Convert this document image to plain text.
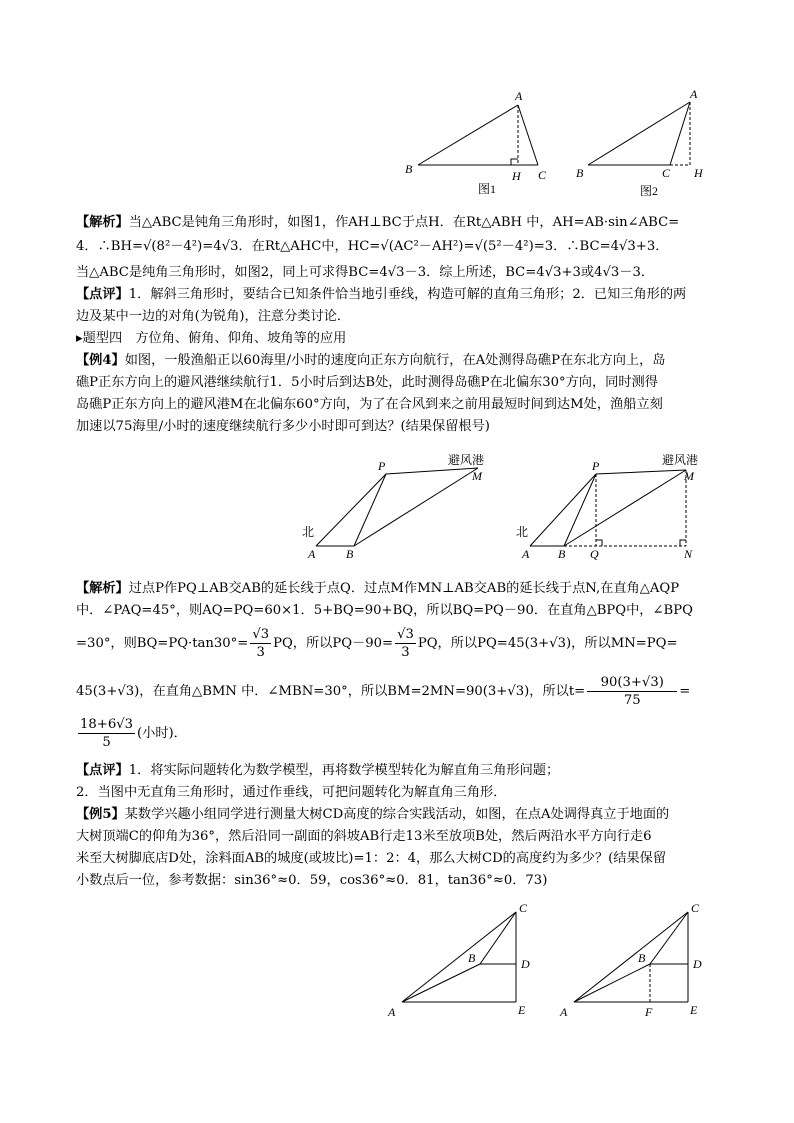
A
B	H C
图1
A
B	C H
图2
【解析】当△ABC是钝角三角形时，如图1，作AH⊥BC于点H．在Rt△ABH 中，AH=AB·sin∠ABC=
4．∴BH=√(8²－4²)=4√3．在Rt△AHC中，HC=√(AC²－AH²)=√(5²－4²)=3．∴BC=4√3+3．
当△ABC是纯角三角形时，如图2，同上可求得BC=4√3－3．综上所述，BC=4√3+3或4√3－3．
【点评】1．解斜三角形时，要结合已知条件恰当地引垂线，构造可解的直角三角形；2．已知三角形的两
边及某中一边的对角(为锐角)，注意分类讨论．
▸题型四　方位角、俯角、仰角、坡角等的应用
【例4】如图，一般渔船正以60海里/小时的速度向正东方向航行，在A处测得岛礁P在东北方向上，岛
礁P正东方向上的避风港继续航行1．5小时后到达B处，此时测得岛礁P在北偏东30°方向，同时测得
岛礁P正东方向上的避风港M在北偏东60°方向，为了在合风到来之前用最短时间到达M处，渔船立刻
加速以75海里/小时的速度继续航行多少小时即可到达？(结果保留根号)
北
避风港
P
M
A	B
北
避风港
P
M
A B Q	N
【解析】过点P作PQ⊥AB交AB的延长线于点Q．过点M作MN⊥AB交AB的延长线于点N,在直角△AQP
中．∠PAQ=45°，则AQ=PQ=60×1．5+BQ=90+BQ，所以BQ=PQ－90．在直角△BPQ中，∠BPQ
=30°，则$BQ=PQ\cdot\tan 30^\circ= \frac{√3}{3}$ PQ，所以$PQ-90= \frac{√3}{3}$ PQ，所以PQ=45(3+√3)，所以MN=PQ=
45(3+√3)，在直角△BMN 中．∠MBN=30°，所以BM=2MN=90(3+√3)，所以$t= \frac{90(3+√3)}{75}$ =
$\frac{18+6√3}{5}$ (小时)．
【点评】1．将实际问题转化为数学模型，再将数学模型转化为解直角三角形问题；
2．当图中无直角三角形时，通过作垂线，可把问题转化为解直角三角形．
【例5】某数学兴趣小组同学进行测量大树CD高度的综合实践活动，如图，在点A处调得真立于地面的
大树顶端C的仰角为36°，然后沿同一副面的斜坡AB行走13米至放项B处，然后两沿水平方向行走6
米至大树脚底店D处，涂料面AB的城度(或坡比)=1：2：4，那么大树CD的高度约为多少？(结果保留
小数点后一位，参考数据：sin36°≈0．59，cos36°≈0．81，tan36°≈0．73)
C
B	D
A	E
C
B	D
A	F	E
